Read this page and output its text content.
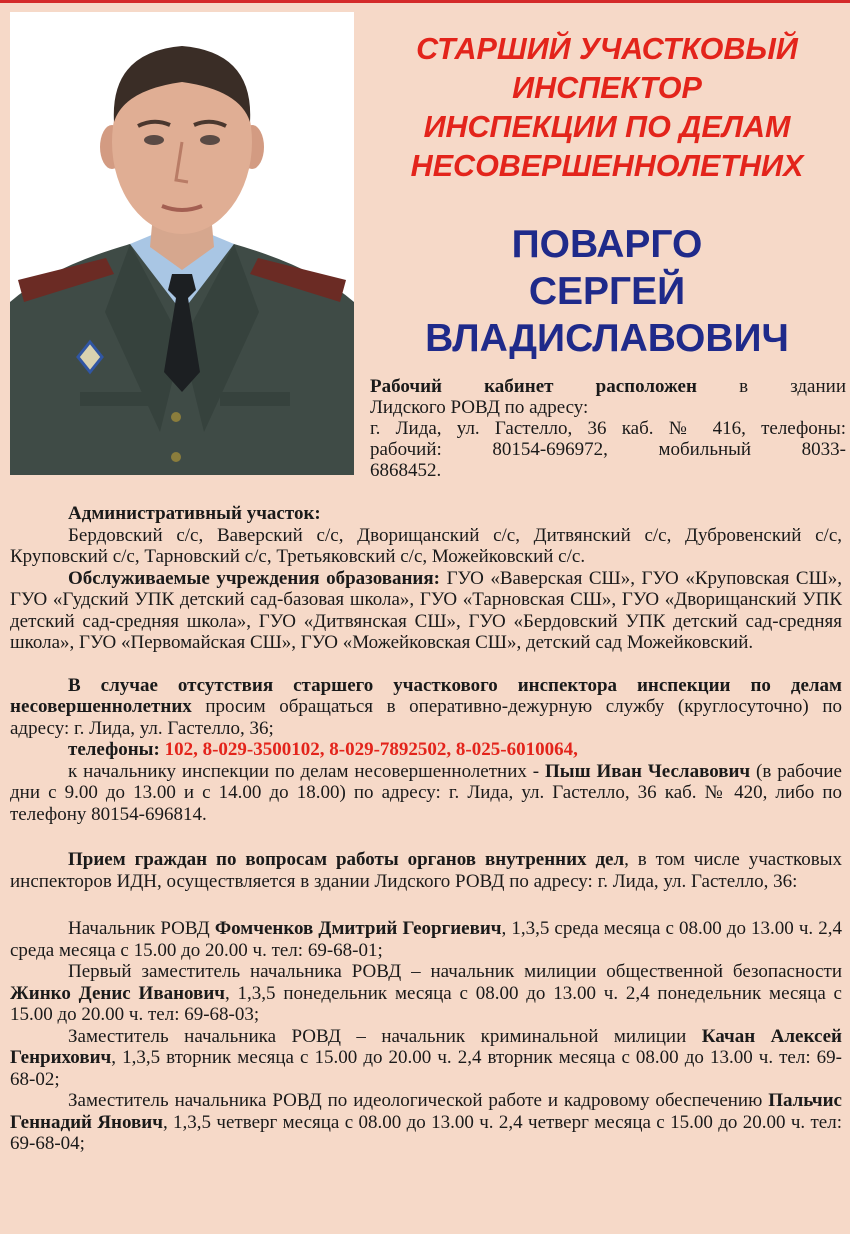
СТАРШИЙ УЧАСТКОВЫЙ
ИНСПЕКТОР
ИНСПЕКЦИИ ПО ДЕЛАМ
НЕСОВЕРШЕННОЛЕТНИХ
ПОВАРГО
СЕРГЕЙ
ВЛАДИСЛАВОВИЧ

Рабочий кабинет расположен в здании

Лидского РОВД по адресу:

г. Лида, ул. Гастелло, 36 каб. № 416, телефоны:

рабочий: 80154-696972, мобильный 8033-

6868452.

Административный участок:

Бердовский с/с, Ваверский с/с, Дворищанский с/с, Дитвянский с/с, Дубровенский с/с, Круповский с/с, Тарновский с/с, Третьяковский с/с, Можейковский с/с.

Обслуживаемые учреждения образования: ГУО «Ваверская СШ», ГУО «Круповская СШ», ГУО «Гудский УПК детский сад-базовая школа», ГУО «Тарновская СШ», ГУО «Дворищанский УПК детский сад-средняя школа», ГУО «Дитвянская СШ», ГУО «Бердовский УПК детский сад-средняя школа», ГУО «Первомайская СШ», ГУО «Можейковская СШ», детский сад Можейковский.

В случае отсутствия старшего участкового инспектора инспекции по делам несовершеннолетних просим обращаться в оперативно-дежурную службу (круглосуточно) по адресу: г. Лида, ул. Гастелло, 36;

телефоны: 102, 8-029-3500102, 8-029-7892502, 8-025-6010064,

к начальнику инспекции по делам несовершеннолетних - Пыш Иван Чеславович (в рабочие дни с 9.00 до 13.00 и с 14.00 до 18.00) по адресу: г. Лида, ул. Гастелло, 36 каб. № 420, либо по телефону 80154-696814.

Прием граждан по вопросам работы органов внутренних дел, в том числе участковых инспекторов ИДН, осуществляется в здании Лидского РОВД по адресу: г. Лида, ул. Гастелло, 36:

Начальник РОВД Фомченков Дмитрий Георгиевич, 1,3,5 среда месяца с 08.00 до 13.00 ч. 2,4 среда месяца с 15.00 до 20.00 ч. тел: 69-68-01;

Первый заместитель начальника РОВД – начальник милиции общественной безопасности Жинко Денис Иванович, 1,3,5 понедельник месяца с 08.00 до 13.00 ч. 2,4 понедельник месяца с 15.00 до 20.00 ч. тел: 69-68-03;

Заместитель начальника РОВД – начальник криминальной милиции Качан Алексей Генрихович, 1,3,5 вторник месяца с 15.00 до 20.00 ч. 2,4 вторник месяца с 08.00 до 13.00 ч. тел: 69-68-02;

Заместитель начальника РОВД по идеологической работе и кадровому обеспечению Пальчис Геннадий Янович, 1,3,5 четверг месяца с 08.00 до 13.00 ч. 2,4 четверг месяца с 15.00 до 20.00 ч. тел: 69-68-04;
